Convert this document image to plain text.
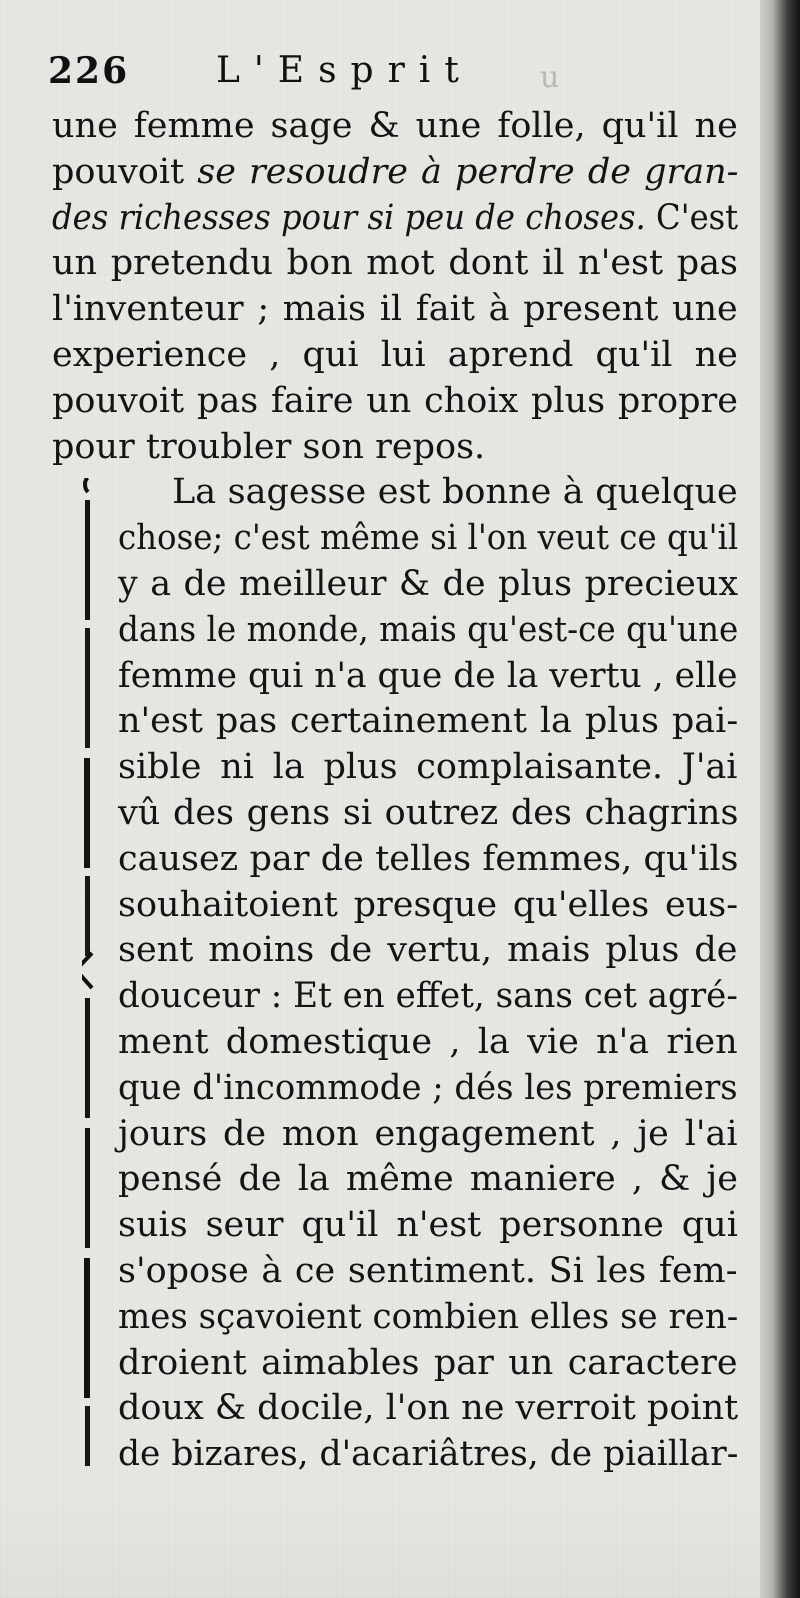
226 L'Esprit
une femme sage & une folle, qu'il ne
pouvoit se resoudre à perdre de gran-
des richesses pour si peu de choses. C'est
un pretendu bon mot dont il n'est pas
l'inventeur ; mais il fait à present une
experience , qui lui aprend qu'il ne
pouvoit pas faire un choix plus propre
pour troubler son repos.
La sagesse est bonne à quelque
chose; c'est même si l'on veut ce qu'il
y a de meilleur & de plus precieux
dans le monde, mais qu'est-ce qu'une
femme qui n'a que de la vertu , elle
n'est pas certainement la plus pai-
sible ni la plus complaisante. J'ai
vû des gens si outrez des chagrins
causez par de telles femmes, qu'ils
souhaitoient presque qu'elles eus-
sent moins de vertu, mais plus de
douceur : Et en effet, sans cet agré-
ment domestique , la vie n'a rien
que d'incommode ; dés les premiers
jours de mon engagement , je l'ai
pensé de la même maniere , & je
suis seur qu'il n'est personne qui
s'opose à ce sentiment. Si les fem-
mes sçavoient combien elles se ren-
droient aimables par un caractere
doux & docile, l'on ne verroit point
de bizares, d'acariâtres, de piaillar-
u
